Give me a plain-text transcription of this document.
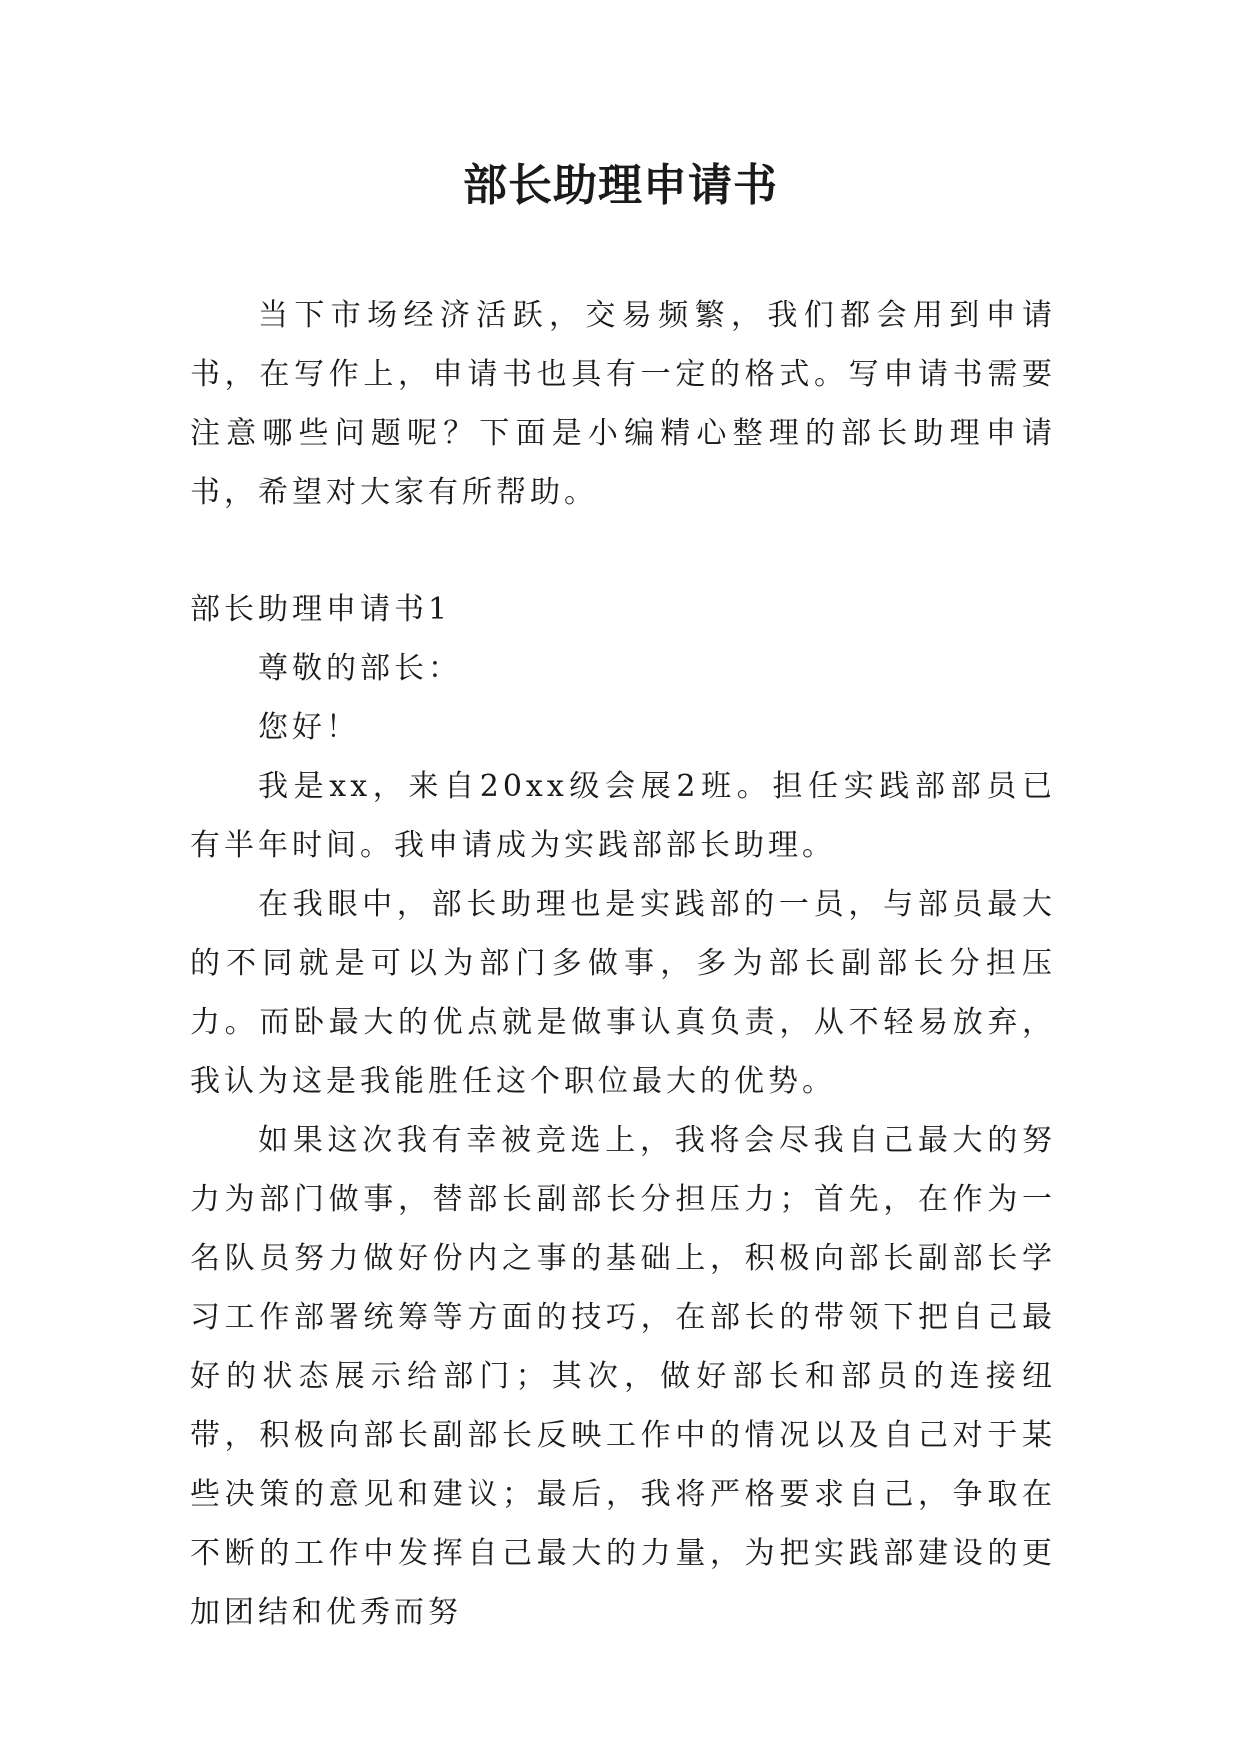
部长助理申请书

当下市场经济活跃，交易频繁，我们都会用到申请书，在写作上，申请书也具有一定的格式。写申请书需要注意哪些问题呢？下面是小编精心整理的部长助理申请书，希望对大家有所帮助。

部长助理申请书1

尊敬的部长：

您好！

我是xx，来自20xx级会展2班。担任实践部部员已有半年时间。我申请成为实践部部长助理。

在我眼中，部长助理也是实践部的一员，与部员最大的不同就是可以为部门多做事，多为部长副部长分担压力。而卧最大的优点就是做事认真负责，从不轻易放弃，我认为这是我能胜任这个职位最大的优势。

如果这次我有幸被竞选上，我将会尽我自己最大的努力为部门做事，替部长副部长分担压力；首先，在作为一名队员努力做好份内之事的基础上，积极向部长副部长学习工作部署统筹等方面的技巧，在部长的带领下把自己最好的状态展示给部门；其次，做好部长和部员的连接纽带，积极向部长副部长反映工作中的情况以及自己对于某些决策的意见和建议；最后，我将严格要求自己，争取在不断的工作中发挥自己最大的力量，为把实践部建设的更加团结和优秀而努
